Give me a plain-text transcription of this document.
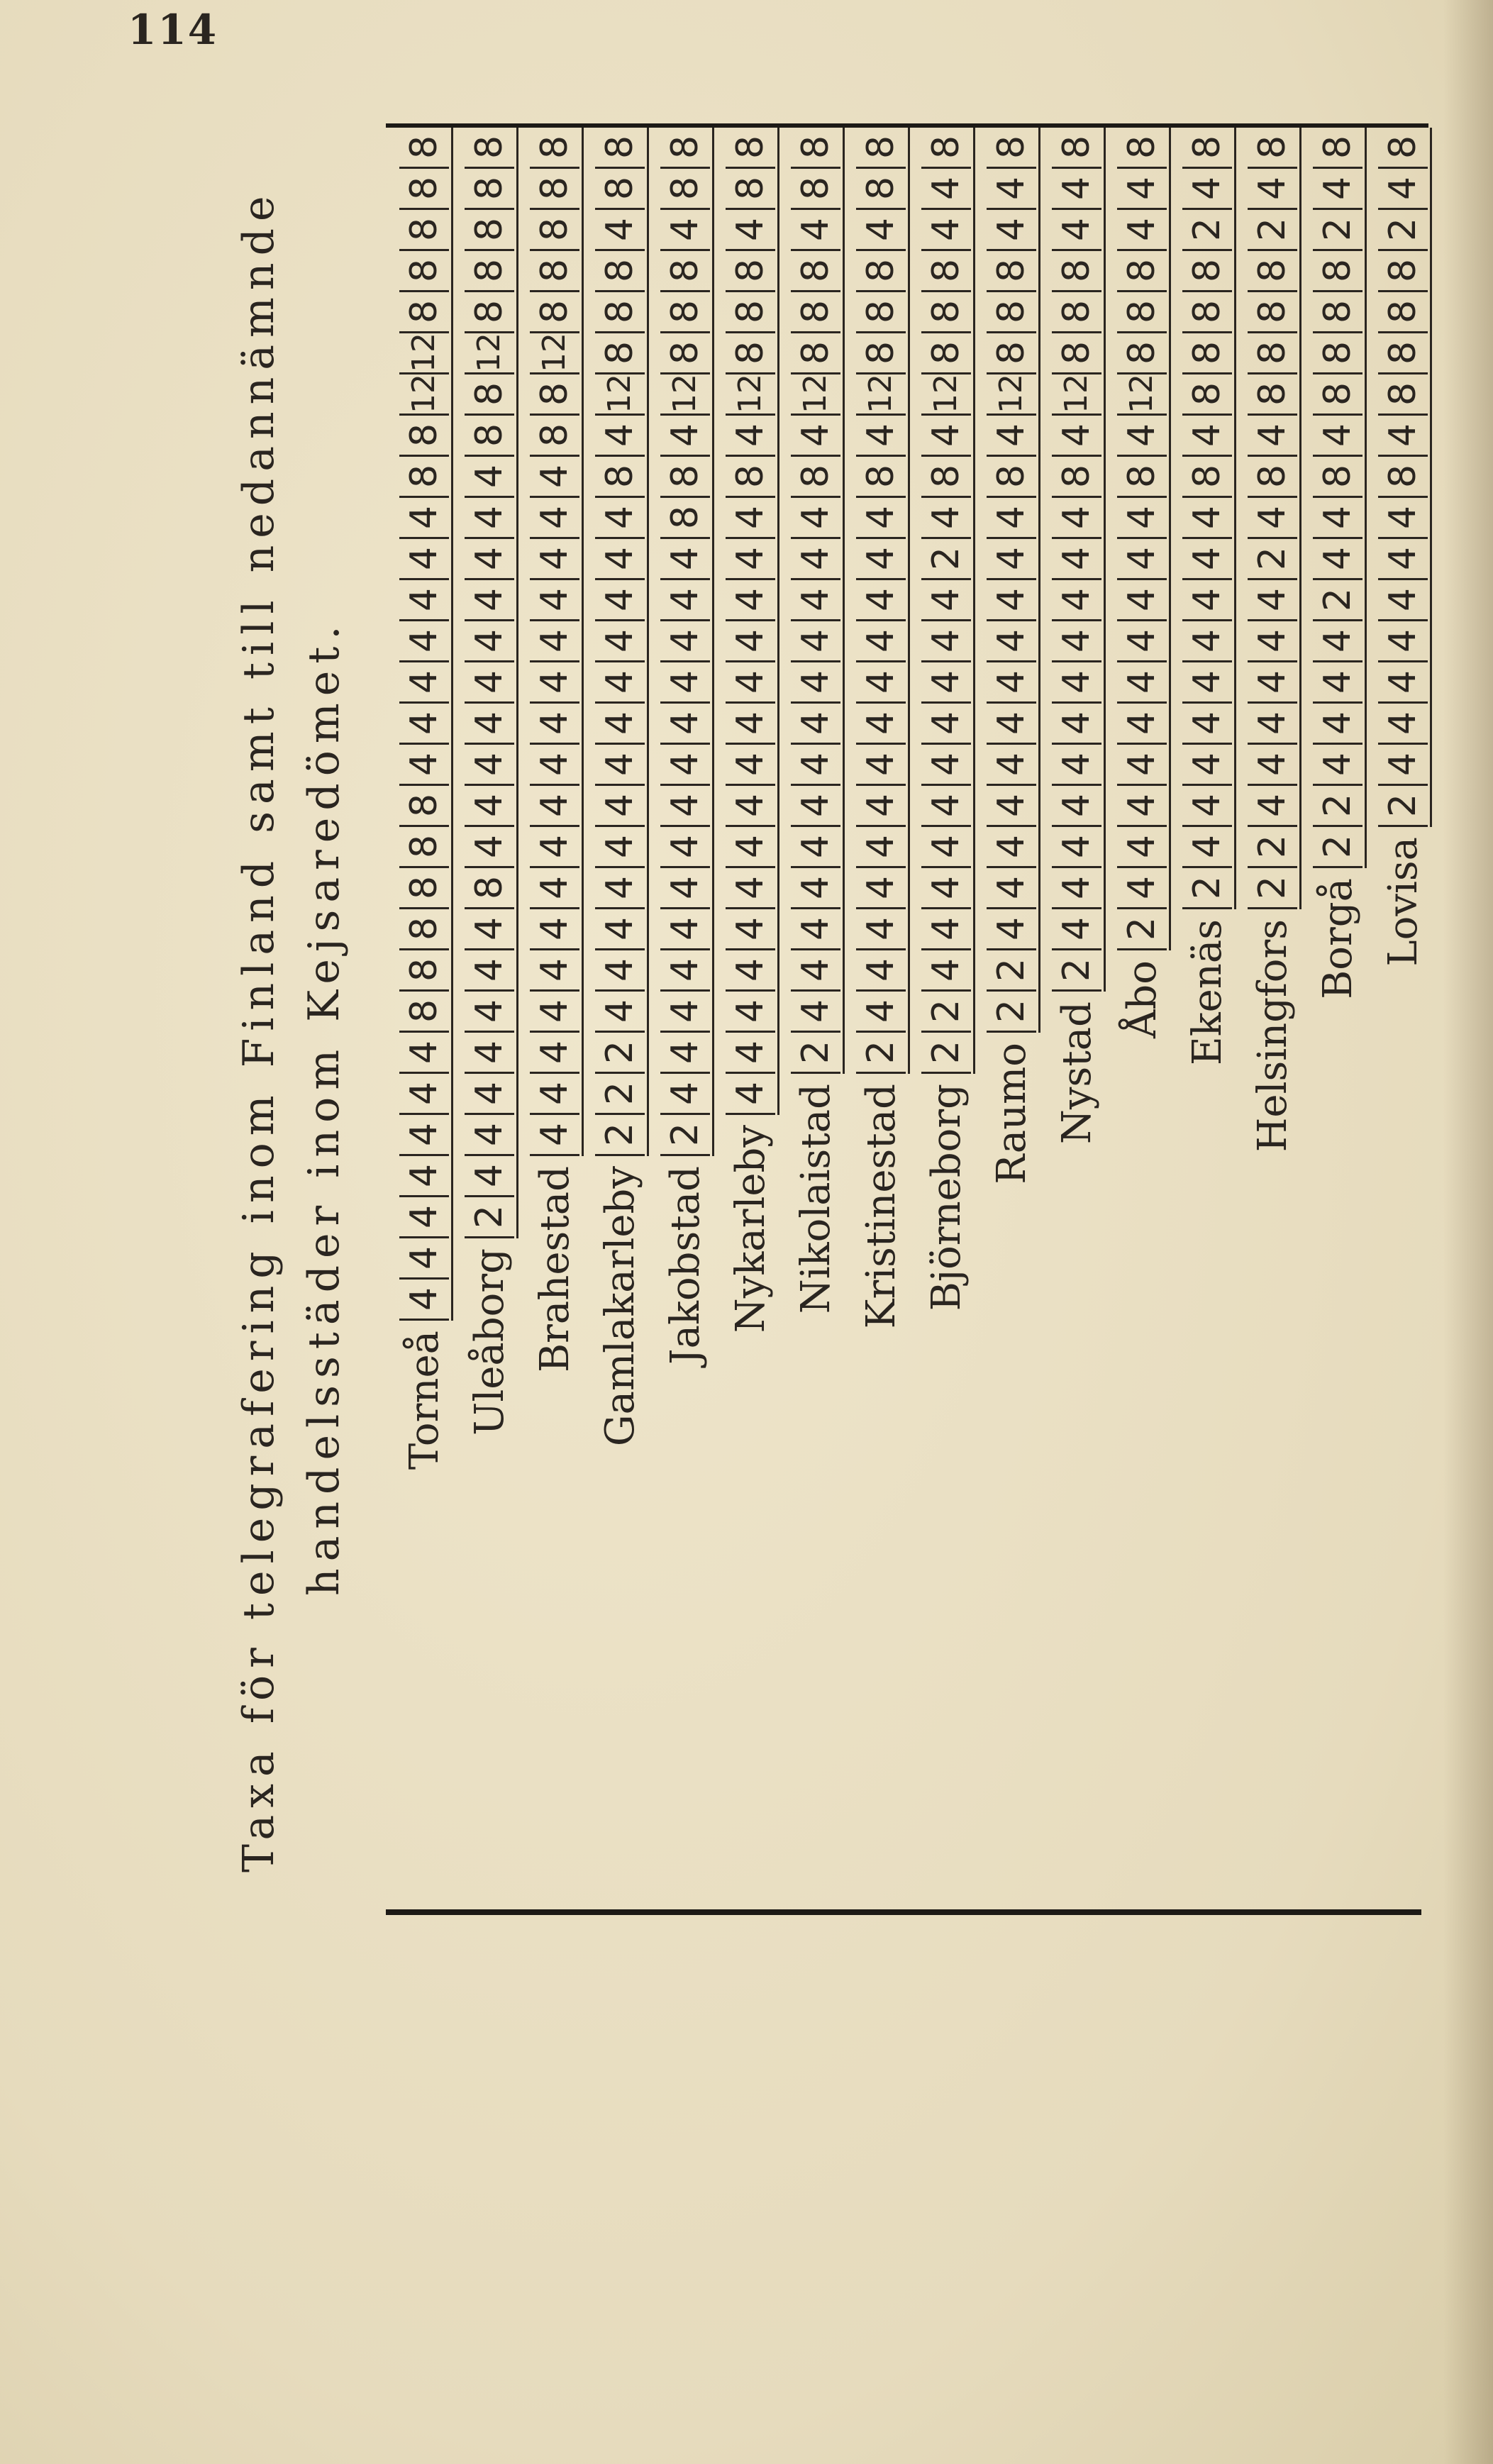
114
Taxa för telegrafering inom Finland samt till nedannämnde handelsstäder inom Kejsaredömet. Torneå
4
4
4
4
4
4
4
8
8
8
8
8
8
4
4
4
4
4
4
4
8
8
12
12
8
8
8
8
8
Uleåborg
2
4
4
4
4
4
4
4
8
4
4
4
4
4
4
4
4
4
4
8
8
12
8
8
8
8
8
Brahestad
4
4
4
4
4
4
4
4
4
4
4
4
4
4
4
4
4
8
8
12
8
8
8
8
8
Gamlakarleby
2
2
2
4
4
4
4
4
4
4
4
4
4
4
4
4
8
4
12
8
8
8
4
8
8
Jakobstad
2
4
4
4
4
4
4
4
4
4
4
4
4
4
4
8
8
4
12
8
8
8
4
8
8
Nykarleby
4
4
4
4
4
4
4
4
4
4
4
4
4
4
4
8
4
12
8
8
8
4
8
8
Nikolaistad
2
4
4
4
4
4
4
4
4
4
4
4
4
4
8
4
12
8
8
8
4
8
8
Kristinestad
2
4
4
4
4
4
4
4
4
4
4
4
4
4
8
4
12
8
8
8
4
8
8
Björneborg
2
2
4
4
4
4
4
4
4
4
4
4
2
4
8
4
12
8
8
8
4
4
8
Raumo
2
2
4
4
4
4
4
4
4
4
4
4
4
8
4
12
8
8
8
4
4
8
Nystad
2
4
4
4
4
4
4
4
4
4
4
4
8
4
12
8
8
8
4
4
8
Åbo
2
4
4
4
4
4
4
4
4
4
4
8
4
12
8
8
8
4
4
8
Ekenäs
2
4
4
4
4
4
4
4
4
4
8
4
8
8
8
8
2
4
8
Helsingfors
2
2
4
4
4
4
4
4
2
4
8
4
8
8
8
8
2
4
8
Borgå
2
2
4
4
4
4
2
4
4
8
4
8
8
8
8
2
4
8
Lovisa
2
4
4
4
4
4
4
4
8
4
8
8
8
8
2
4
8
